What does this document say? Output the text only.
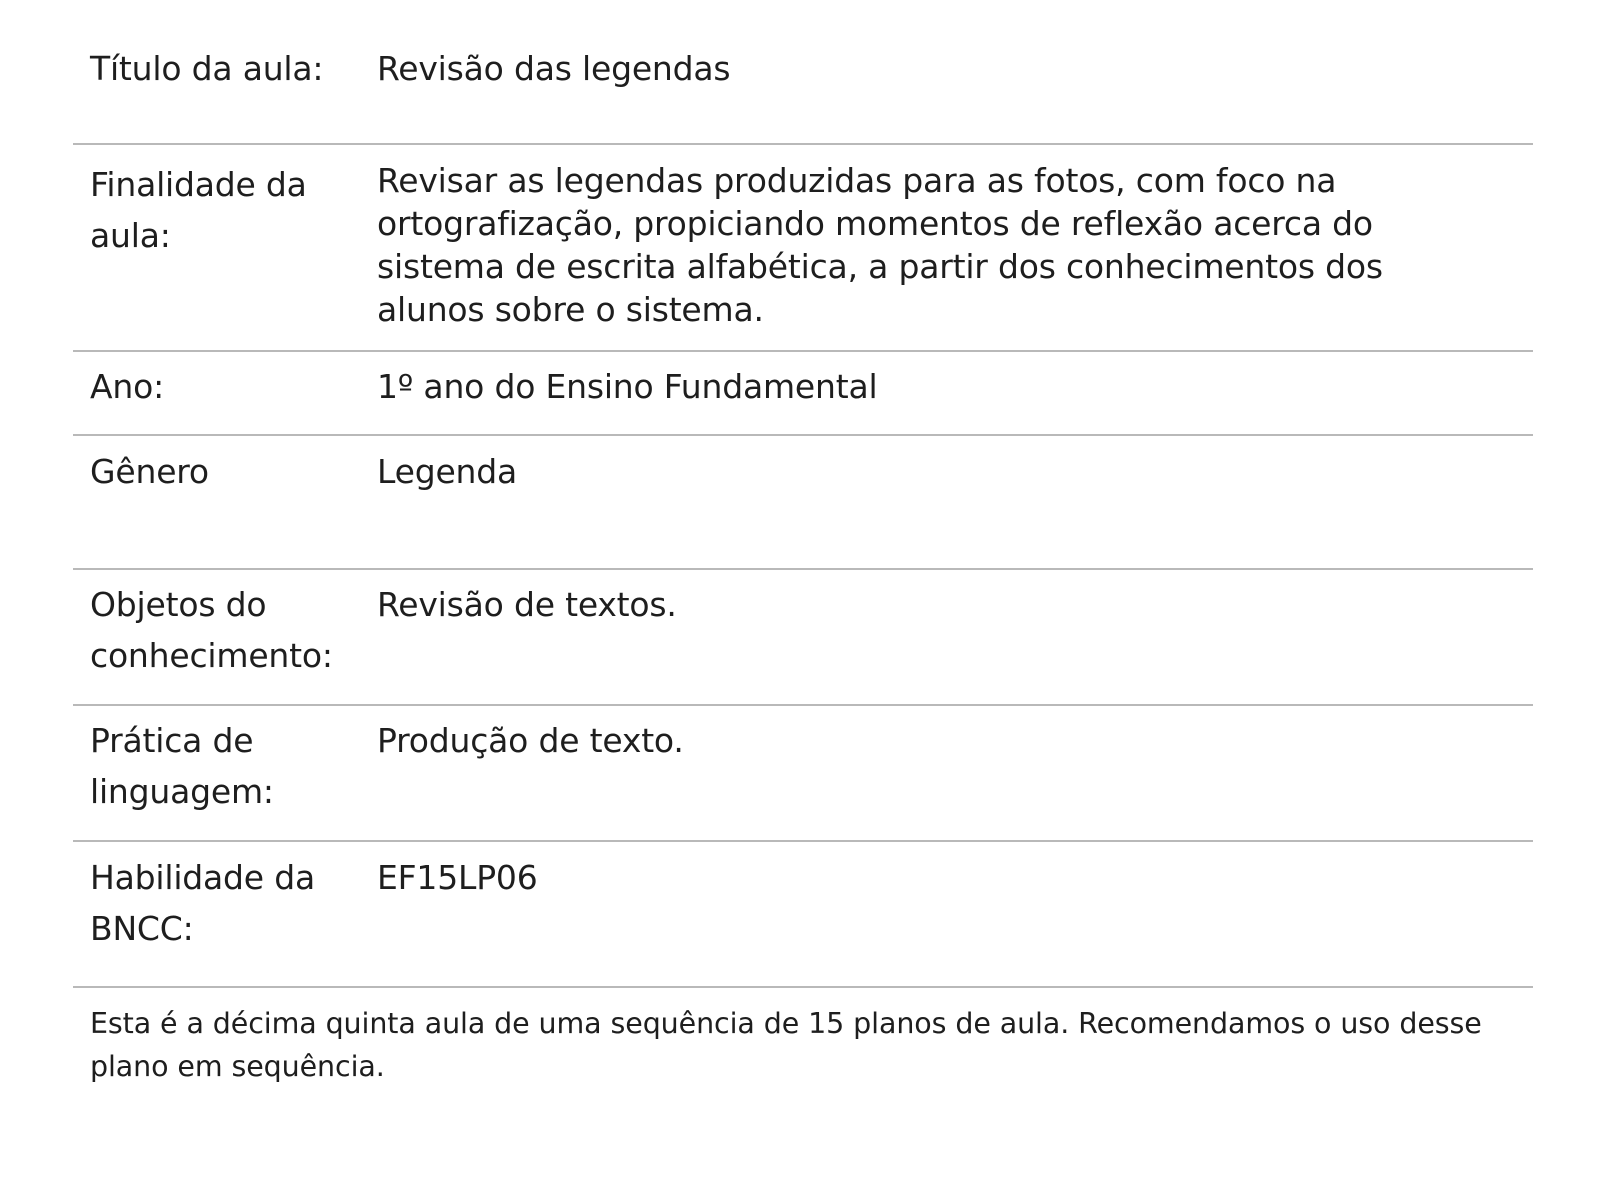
Título da aula:	Revisão das legendas
Finalidade da aula:
Revisar as legendas produzidas para as fotos, com foco na ortografização, propiciando momentos de reflexão acerca do sistema de escrita alfabética, a partir dos conhecimentos dos alunos sobre o sistema.
Ano:	1º ano do Ensino Fundamental
Gênero	Legenda
Objetos do conhecimento:
Revisão de textos.
Prática de linguagem:
Produção de texto.
Habilidade da BNCC:
EF15LP06
Esta é a décima quinta aula de uma sequência de 15 planos de aula. Recomendamos o uso desse plano em sequência.
